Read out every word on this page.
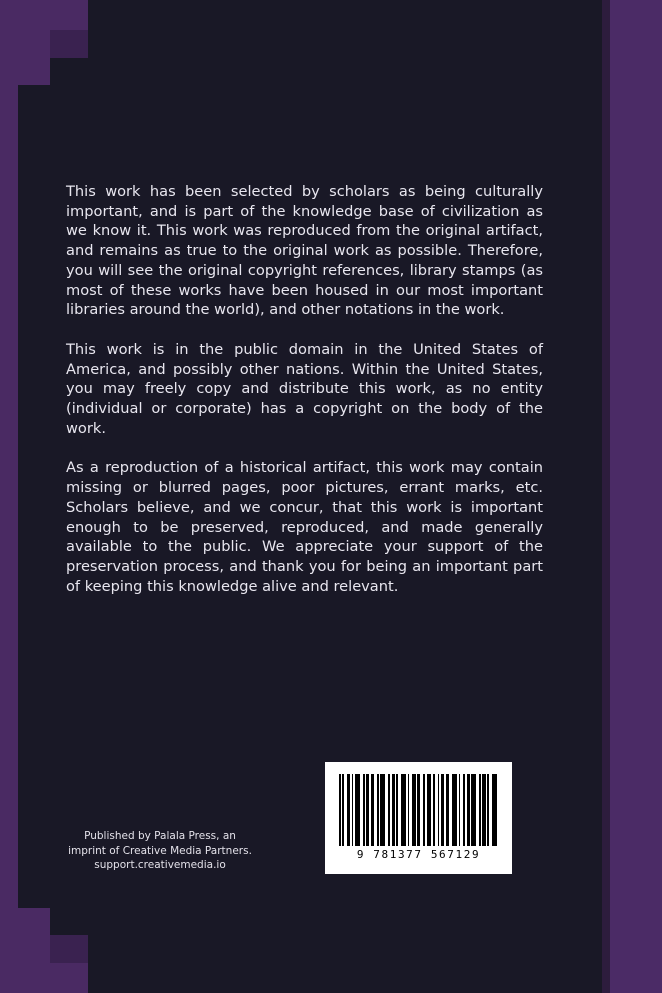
This work has been selected by scholars as being culturally important, and is part of the knowledge base of civilization as we know it. This work was reproduced from the original artifact, and remains as true to the original work as possible. Therefore, you will see the original copyright references, library stamps (as most of these works have been housed in our most important libraries around the world), and other notations in the work.

This work is in the public domain in the United States of America, and possibly other nations. Within the United States, you may freely copy and distribute this work, as no entity (individual or corporate) has a copyright on the body of the work.

As a reproduction of a historical artifact, this work may contain missing or blurred pages, poor pictures, errant marks, etc. Scholars believe, and we concur, that this work is important enough to be preserved, reproduced, and made generally available to the public. We appreciate your support of the preservation process, and thank you for being an important part of keeping this knowledge alive and relevant.

Published by Palala Press, an
imprint of Creative Media Partners.
support.creativemedia.io
9 781377 567129
